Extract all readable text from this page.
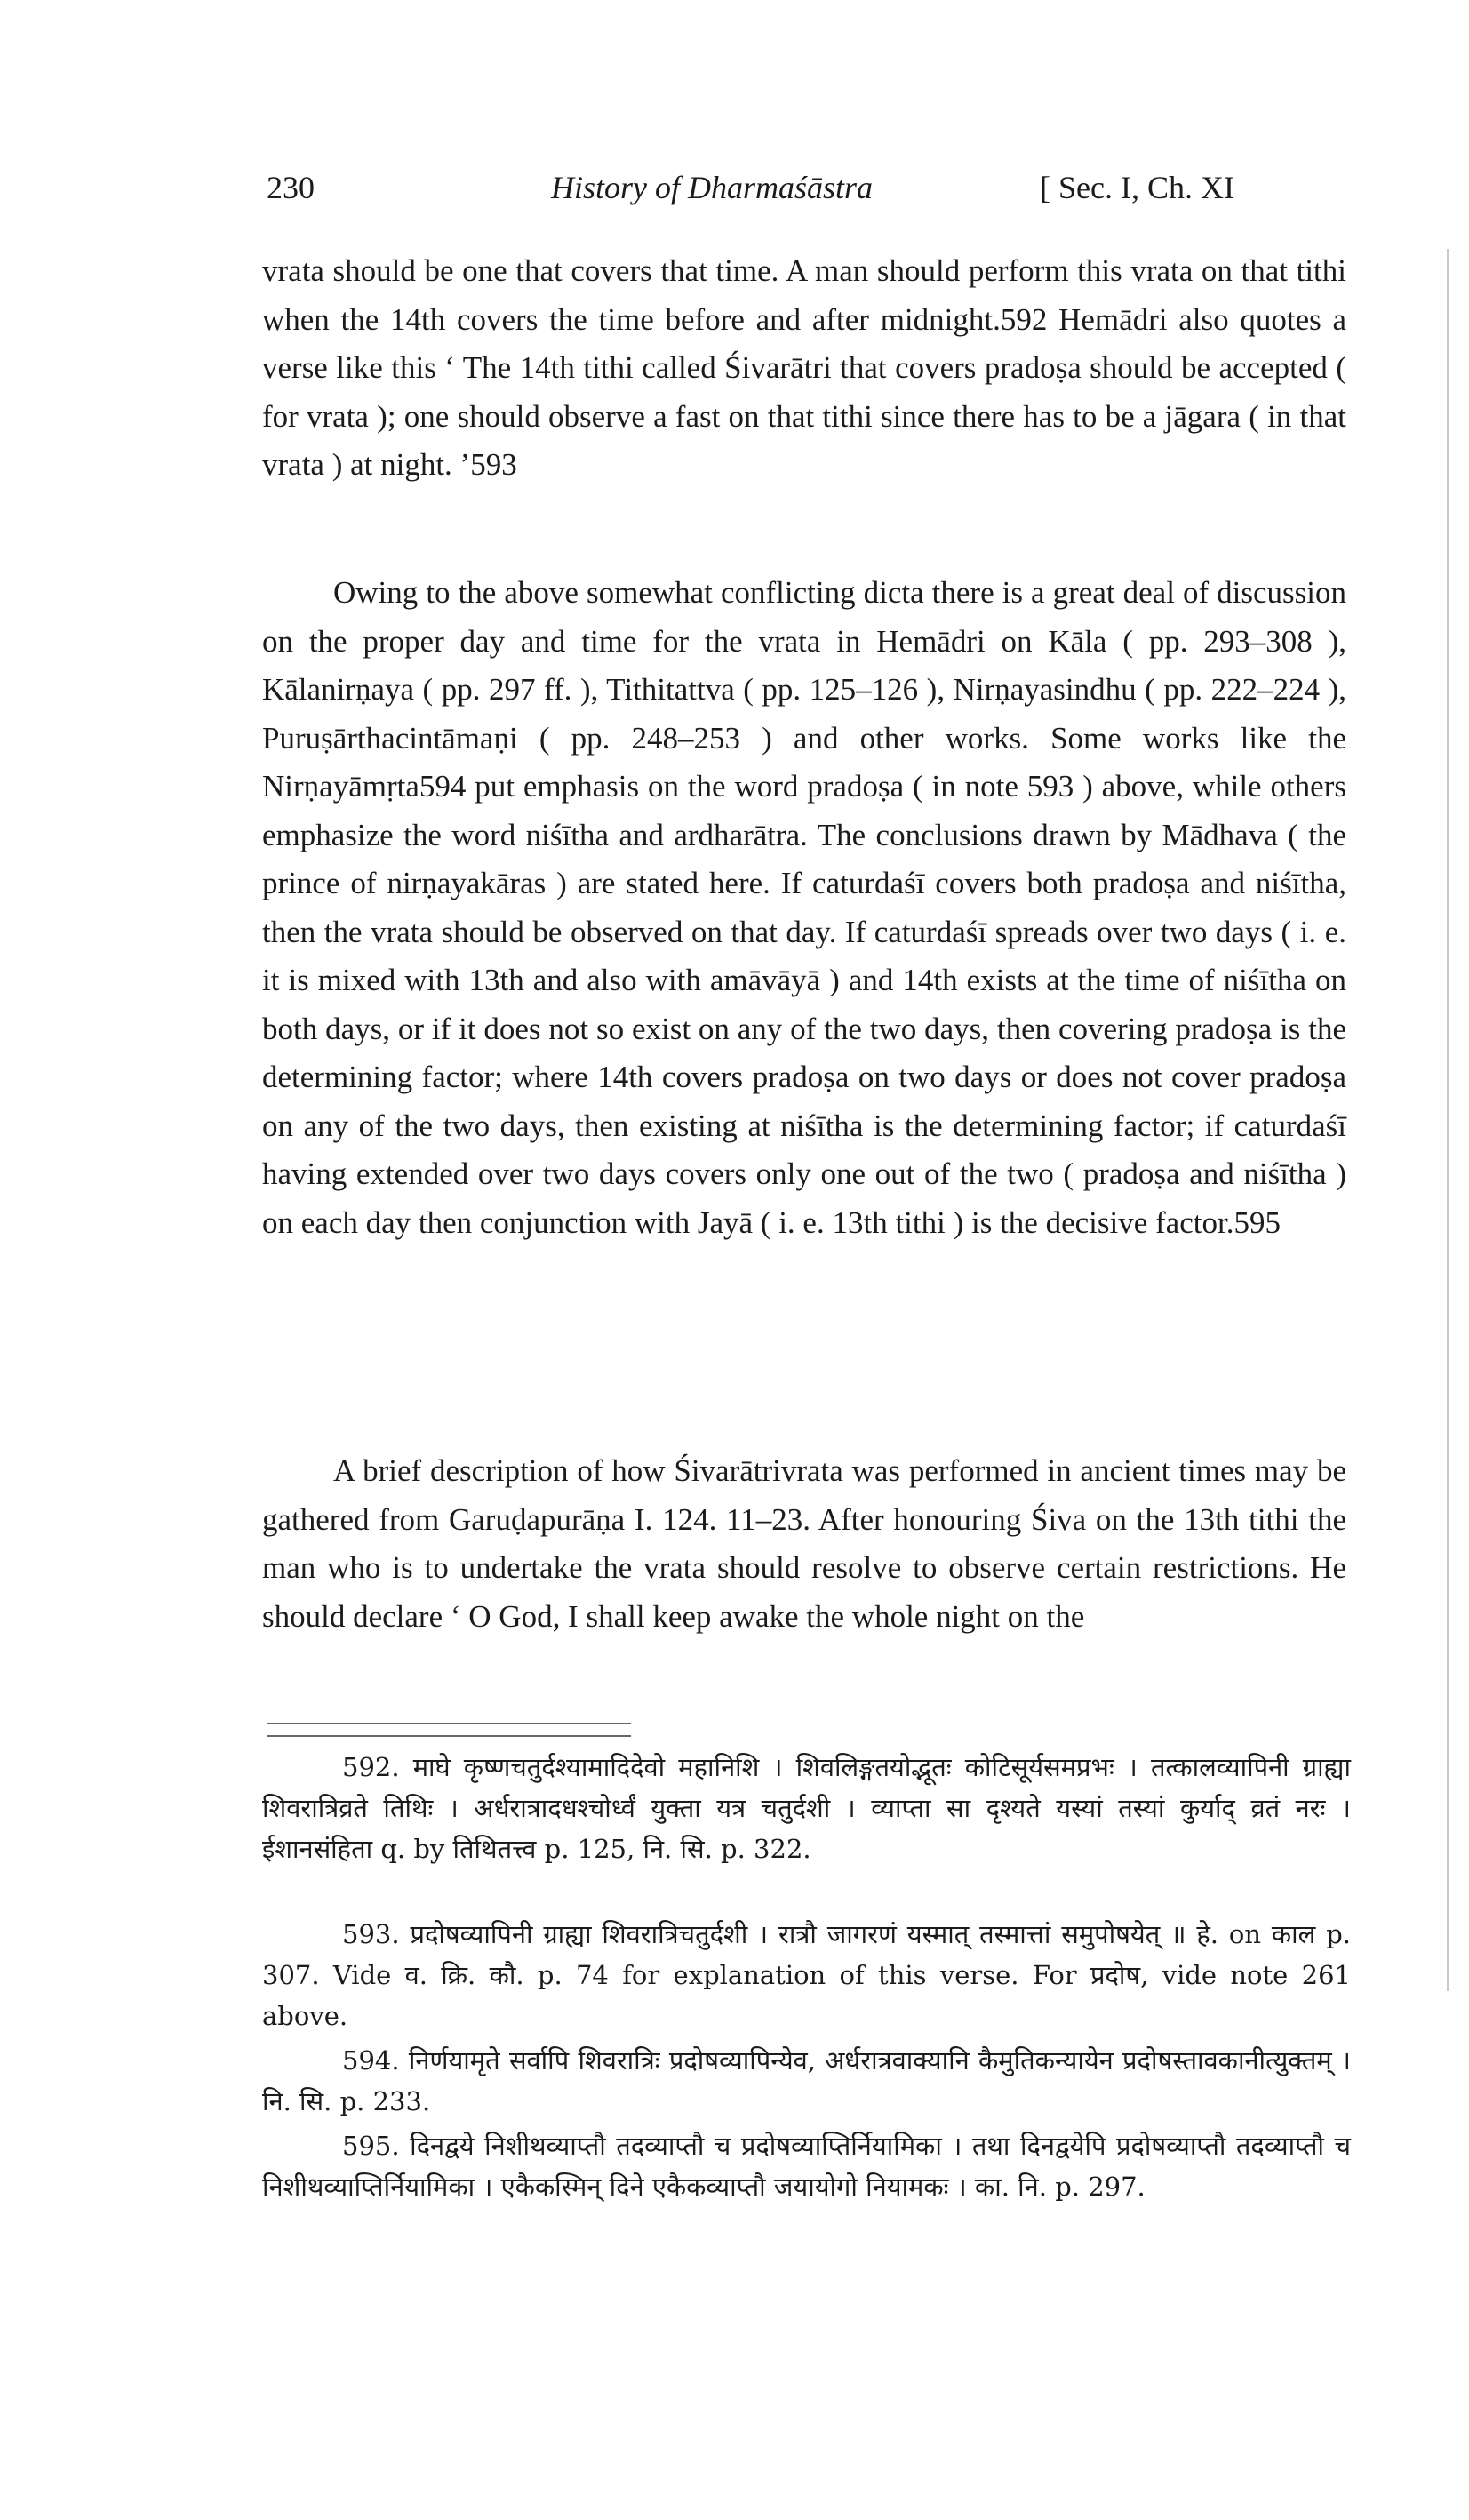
230	History of Dharmaśāstra	[ Sec. I, Ch. XI

vrata should be one that covers that time. A man should perform this vrata on that tithi when the 14th covers the time before and after midnight.592 Hemādri also quotes a verse like this ‘ The 14th tithi called Śivarātri that covers pradoṣa should be accepted ( for vrata ); one should observe a fast on that tithi since there has to be a jāgara ( in that vrata ) at night. ’593

Owing to the above somewhat conflicting dicta there is a great deal of discussion on the proper day and time for the vrata in Hemādri on Kāla ( pp. 293–308 ), Kālanirṇaya ( pp. 297 ff. ), Tithitattva ( pp. 125–126 ), Nirṇayasindhu ( pp. 222–224 ), Puruṣārthacintāmaṇi ( pp. 248–253 ) and other works. Some works like the Nirṇayāmṛta594 put emphasis on the word pradoṣa ( in note 593 ) above, while others emphasize the word niśītha and ardharātra. The conclusions drawn by Mādhava ( the prince of nirṇayakāras ) are stated here. If caturdaśī covers both pradoṣa and niśītha, then the vrata should be observed on that day. If caturdaśī spreads over two days ( i. e. it is mixed with 13th and also with amāvāyā ) and 14th exists at the time of niśītha on both days, or if it does not so exist on any of the two days, then covering pradoṣa is the determining factor; where 14th covers pradoṣa on two days or does not cover pradoṣa on any of the two days, then existing at niśītha is the determining factor; if caturdaśī having extended over two days covers only one out of the two ( pradoṣa and niśītha ) on each day then conjunction with Jayā ( i. e. 13th tithi ) is the decisive factor.595

A brief description of how Śivarātrivrata was performed in ancient times may be gathered from Garuḍapurāṇa I. 124. 11–23. After honouring Śiva on the 13th tithi the man who is to undertake the vrata should resolve to observe certain restrictions. He should declare ‘ O God, I shall keep awake the whole night on the

592. माघे कृष्णचतुर्दश्यामादिदेवो महानिशि । शिवलिङ्गतयोद्भूतः कोटिसूर्यसमप्रभः । तत्कालव्यापिनी ग्राह्या शिवरात्रिव्रते तिथिः । अर्धरात्रादधश्चोर्ध्वं युक्ता यत्र चतुर्दशी । व्याप्ता सा दृश्यते यस्यां तस्यां कुर्याद् व्रतं नरः । ईशानसंहिता q. by तिथितत्त्व p. 125, नि. सि. p. 322.

593. प्रदोषव्यापिनी ग्राह्या शिवरात्रिचतुर्दशी । रात्रौ जागरणं यस्मात् तस्मात्तां समुपोषयेत् ॥ हे. on काल p. 307. Vide व. क्रि. कौ. p. 74 for explanation of this verse. For प्रदोष, vide note 261 above.

594. निर्णयामृते सर्वापि शिवरात्रिः प्रदोषव्यापिन्येव, अर्धरात्रवाक्यानि कैमुतिकन्यायेन प्रदोषस्तावकानीत्युक्तम् । नि. सि. p. 233.

595. दिनद्वये निशीथव्याप्तौ तदव्याप्तौ च प्रदोषव्याप्तिर्नियामिका । तथा दिनद्वयेपि प्रदोषव्याप्तौ तदव्याप्तौ च निशीथव्याप्तिर्नियामिका । एकैकस्मिन् दिने एकैकव्याप्तौ जयायोगो नियामकः । का. नि. p. 297.
